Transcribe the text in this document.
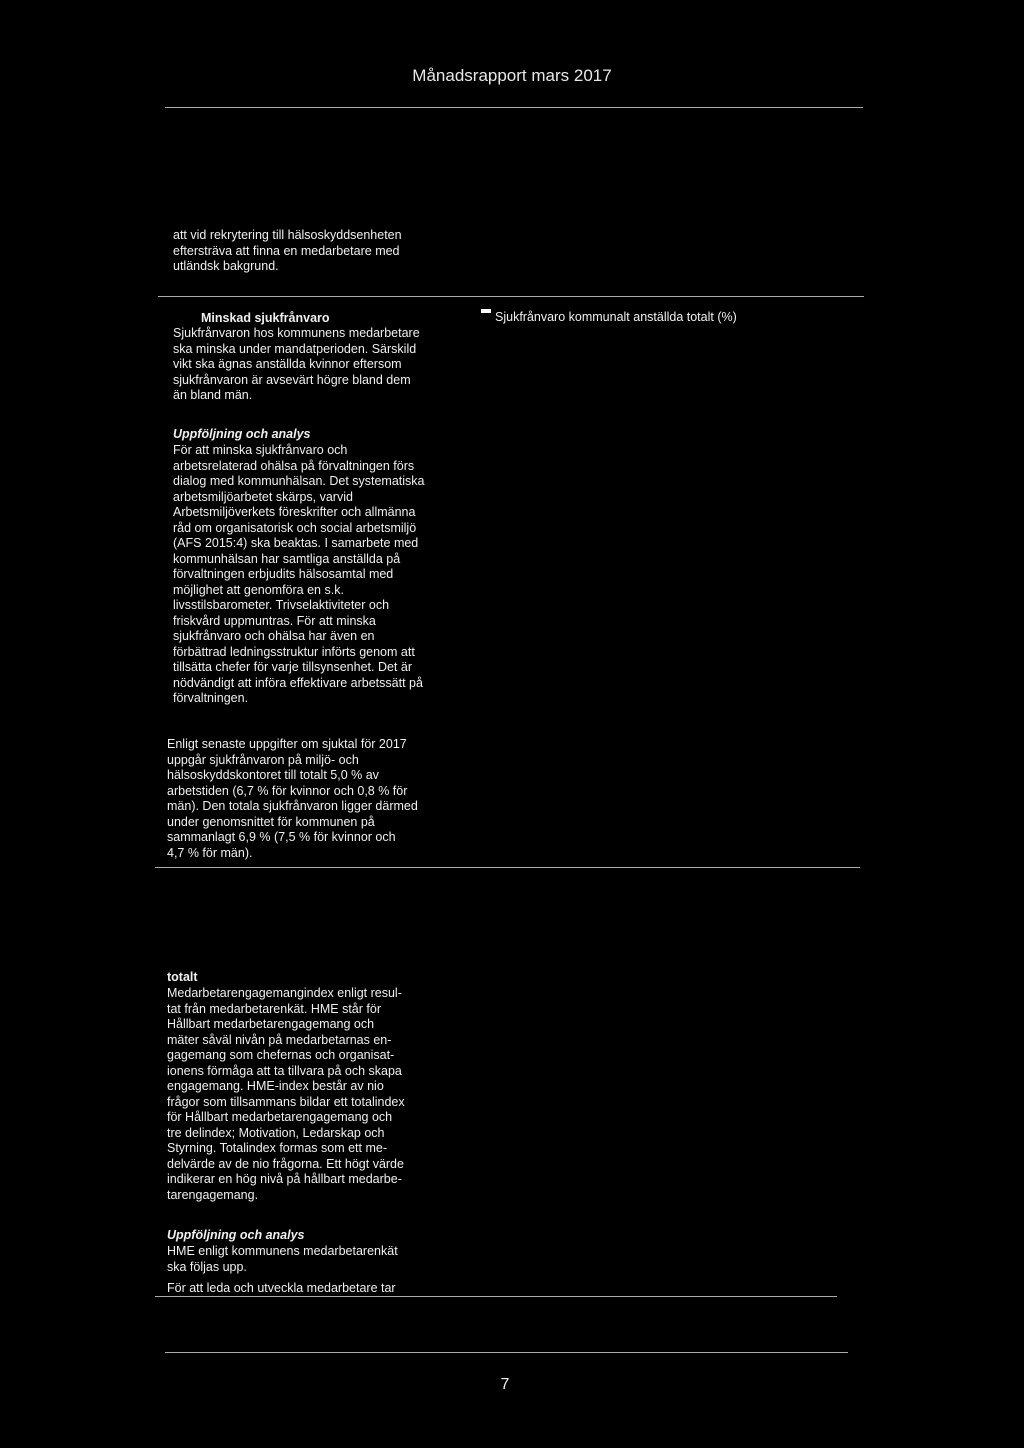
Månadsrapport mars 2017
att vid rekrytering till hälsoskyddsenheten
eftersträva att finna en medarbetare med
utländsk bakgrund.
Minskad sjukfrånvaro
Sjukfrånvaron hos kommunens medarbetare
ska minska under mandatperioden. Särskild
vikt ska ägnas anställda kvinnor eftersom
sjukfrånvaron är avsevärt högre bland dem
än bland män.
Sjukfrånvaro kommunalt anställda totalt (%)
Uppföljning och analys
För att minska sjukfrånvaro och
arbetsrelaterad ohälsa på förvaltningen förs
dialog med kommunhälsan. Det systematiska
arbetsmiljöarbetet skärps, varvid
Arbetsmiljöverkets föreskrifter och allmänna
råd om organisatorisk och social arbetsmiljö
(AFS 2015:4) ska beaktas. I samarbete med
kommunhälsan har samtliga anställda på
förvaltningen erbjudits hälsosamtal med
möjlighet att genomföra en s.k.
livsstilsbarometer. Trivselaktiviteter och
friskvård uppmuntras. För att minska
sjukfrånvaro och ohälsa har även en
förbättrad ledningsstruktur införts genom att
tillsätta chefer för varje tillsynsenhet. Det är
nödvändigt att införa effektivare arbetssätt på
förvaltningen.
Enligt senaste uppgifter om sjuktal för 2017
uppgår sjukfrånvaron på miljö- och
hälsoskyddskontoret till totalt 5,0 % av
arbetstiden (6,7 % för kvinnor och 0,8 % för
män). Den totala sjukfrånvaron ligger därmed
under genomsnittet för kommunen på
sammanlagt 6,9 % (7,5 % för kvinnor och
4,7 % för män).
totalt
Medarbetarengagemangindex enligt resul-
tat från medarbetarenkät. HME står för
Hållbart medarbetarengagemang och
mäter såväl nivån på medarbetarnas en-
gagemang som chefernas och organisat-
ionens förmåga att ta tillvara på och skapa
engagemang. HME-index består av nio
frågor som tillsammans bildar ett totalindex
för Hållbart medarbetarengagemang och
tre delindex; Motivation, Ledarskap och
Styrning. Totalindex formas som ett me-
delvärde av de nio frågorna. Ett högt värde
indikerar en hög nivå på hållbart medarbe-
tarengagemang.
Uppföljning och analys
HME enligt kommunens medarbetarenkät
ska följas upp.
För att leda och utveckla medarbetare tar
7
